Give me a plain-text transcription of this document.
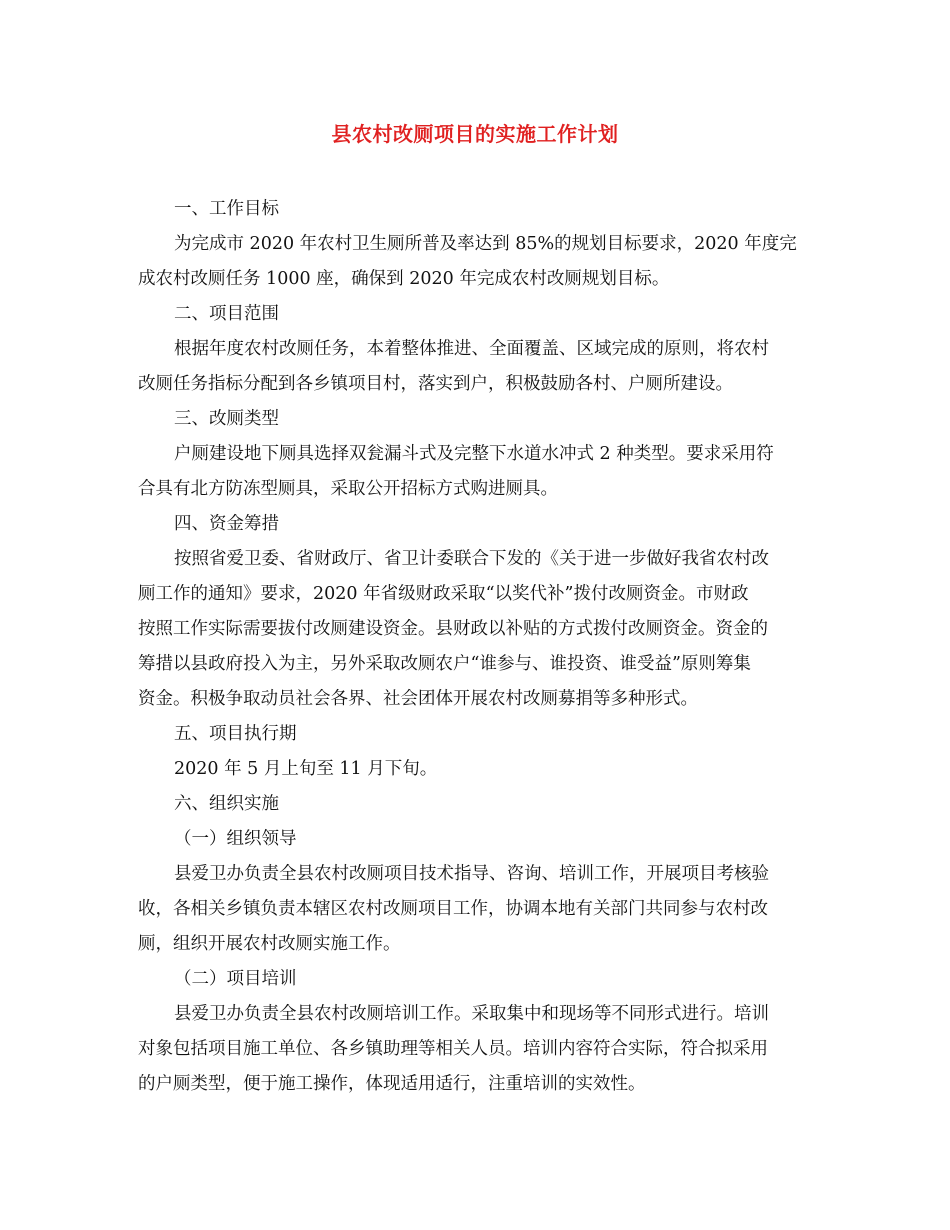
县农村改厕项目的实施工作计划
一、工作目标
为完成市 2020 年农村卫生厕所普及率达到 85%的规划目标要求，2020 年度完
成农村改厕任务 1000 座，确保到 2020 年完成农村改厕规划目标。
二、项目范围
根据年度农村改厕任务，本着整体推进、全面覆盖、区域完成的原则，将农村
改厕任务指标分配到各乡镇项目村，落实到户，积极鼓励各村、户厕所建设。
三、改厕类型
户厕建设地下厕具选择双瓮漏斗式及完整下水道水冲式 2 种类型。要求采用符
合具有北方防冻型厕具，采取公开招标方式购进厕具。
四、资金筹措
按照省爱卫委、省财政厅、省卫计委联合下发的《关于进一步做好我省农村改
厕工作的通知》要求，2020 年省级财政采取“以奖代补”拨付改厕资金。市财政
按照工作实际需要拔付改厕建设资金。县财政以补贴的方式拨付改厕资金。资金的
筹措以县政府投入为主，另外采取改厕农户“谁参与、谁投资、谁受益”原则筹集
资金。积极争取动员社会各界、社会团体开展农村改厕募捐等多种形式。
五、项目执行期
2020 年 5 月上旬至 11 月下旬。
六、组织实施
（一）组织领导
县爱卫办负责全县农村改厕项目技术指导、咨询、培训工作，开展项目考核验
收，各相关乡镇负责本辖区农村改厕项目工作，协调本地有关部门共同参与农村改
厕，组织开展农村改厕实施工作。
（二）项目培训
县爱卫办负责全县农村改厕培训工作。采取集中和现场等不同形式进行。培训
对象包括项目施工单位、各乡镇助理等相关人员。培训内容符合实际，符合拟采用
的户厕类型，便于施工操作，体现适用适行，注重培训的实效性。
